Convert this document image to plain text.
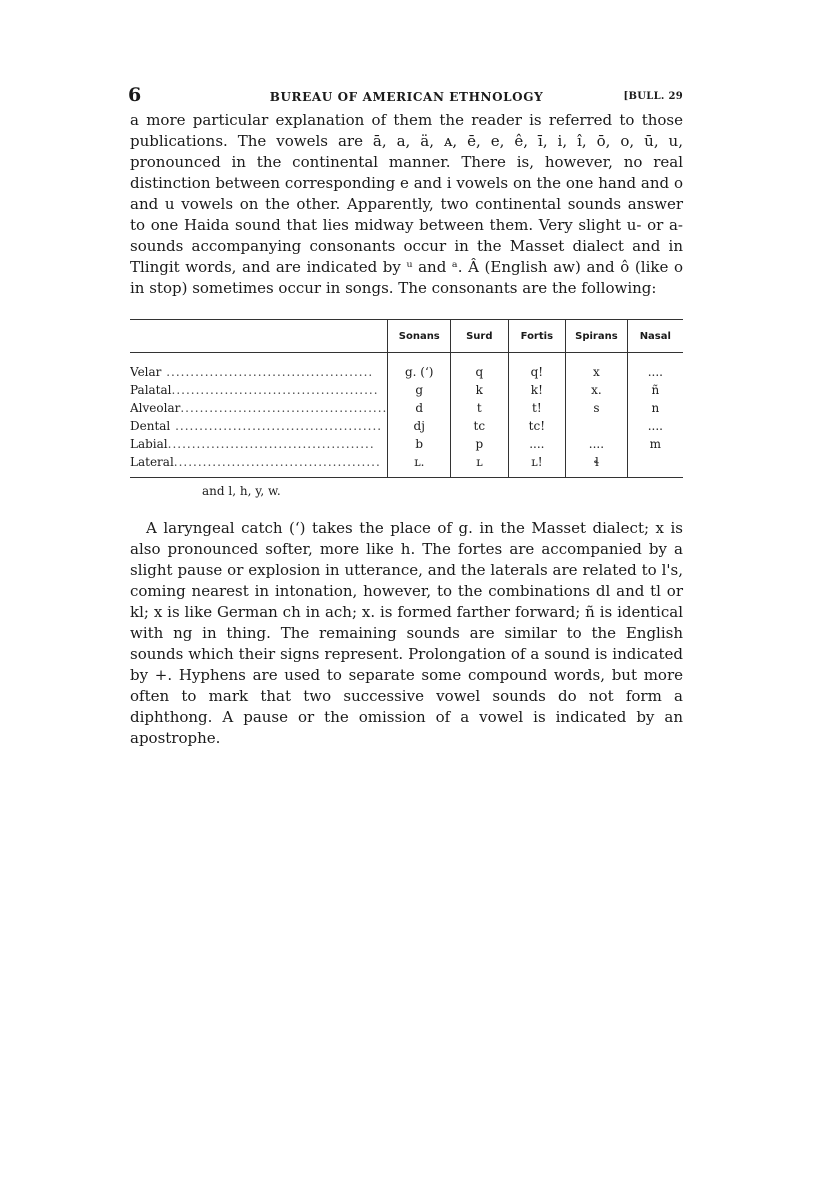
6	BUREAU OF AMERICAN ETHNOLOGY	[BULL. 29

a more particular explanation of them the reader is referred to those publications. The vowels are ā, a, ä, ᴀ, ē, e, ê, ī, i, î, ō, o, ū, u, pronounced in the continental manner. There is, however, no real distinction between corresponding e and i vowels on the one hand and o and u vowels on the other. Apparently, two continental sounds answer to one Haida sound that lies midway between them. Very slight u- or a- sounds accompanying consonants occur in the Masset dialect and in Tlingit words, and are indicated by ᵘ and ᵃ. Â (English aw) and ô (like o in stop) sometimes occur in songs. The consonants are the following:

	Sonans	Surd	Fortis	Spirans	Nasal
Velar ...........................................	g. (ʻ)	q	q!	x	....
Palatal...........................................	g	k	k!	x.	ñ
Alveolar...........................................	d	t	t!	s	n
Dental ...........................................	dj	tc	tc!		....
Labial...........................................	b	p	....	....	m
Lateral...........................................	ʟ.	ʟ	ʟ!	ɬ	
and l, h, y, w.

A laryngeal catch (ʻ) takes the place of g. in the Masset dialect; x is also pronounced softer, more like h. The fortes are accompanied by a slight pause or explosion in utterance, and the laterals are related to l's, coming nearest in intonation, however, to the combinations dl and tl or kl; x is like German ch in ach; x. is formed farther forward; ñ is identical with ng in thing. The remaining sounds are similar to the English sounds which their signs represent. Prolongation of a sound is indicated by +. Hyphens are used to separate some compound words, but more often to mark that two successive vowel sounds do not form a diphthong. A pause or the omission of a vowel is indicated by an apostrophe.
